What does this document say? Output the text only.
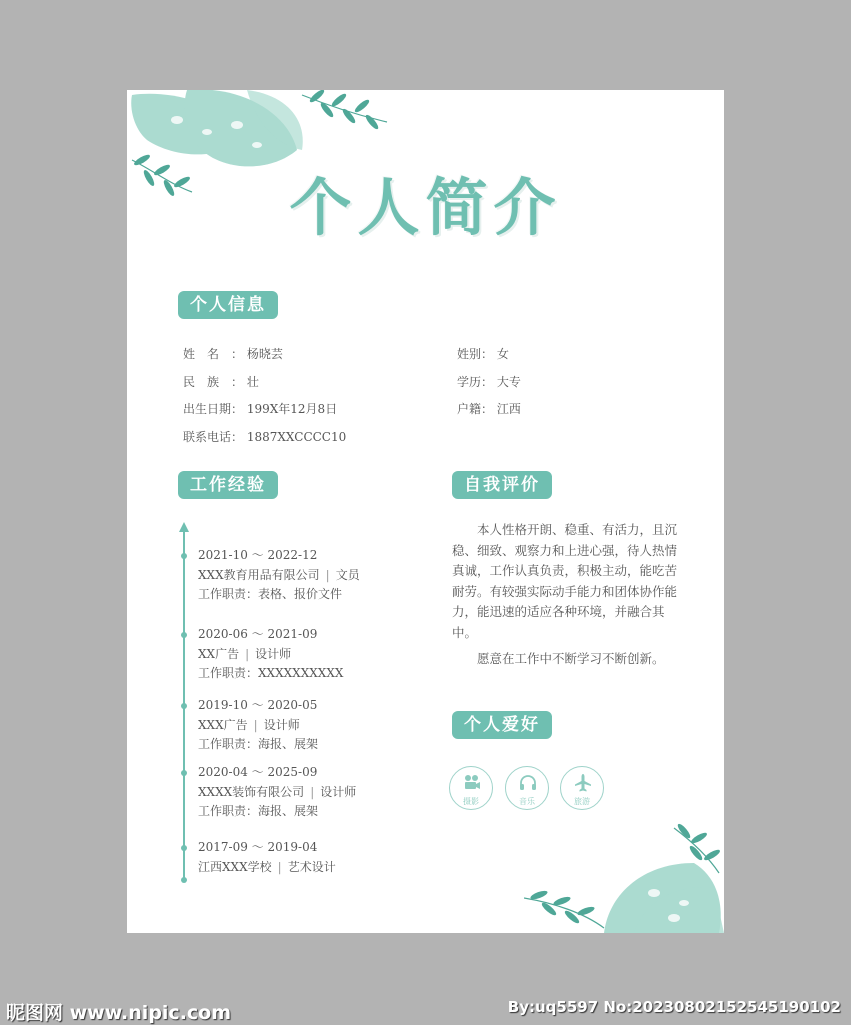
个人简介
个人信息
姓　名　： 杨晓芸
民　族　： 壮
出生日期： 199X年12月8日
联系电话： 1887XXCCCC10
姓别： 女
学历： 大专
户籍： 江西
工作经验
2021-10 ～ 2022-12
XXX教育用品有限公司 | 文员
工作职责：表格、报价文件
2020-06 ～ 2021-09
XX广告 | 设计师
工作职责：XXXXXXXXXX
2019-10 ～ 2020-05
XXX广告 | 设计师
工作职责：海报、展架
2020-04 ～ 2025-09
XXXX装饰有限公司 | 设计师
工作职责：海报、展架
2017-09 ～ 2019-04
江西XXX学校 | 艺术设计
自我评价

本人性格开朗、稳重、有活力，且沉稳、细致、观察力和上进心强，待人热情真诚，工作认真负责，积极主动，能吃苦耐劳。有较强实际动手能力和团体协作能力，能迅速的适应各种环境，并融合其中。

愿意在工作中不断学习不断创新。

个人爱好
摄影	音乐	旅游
昵图网 www.nipic.com	By:uq5597 No:20230802152545190102
